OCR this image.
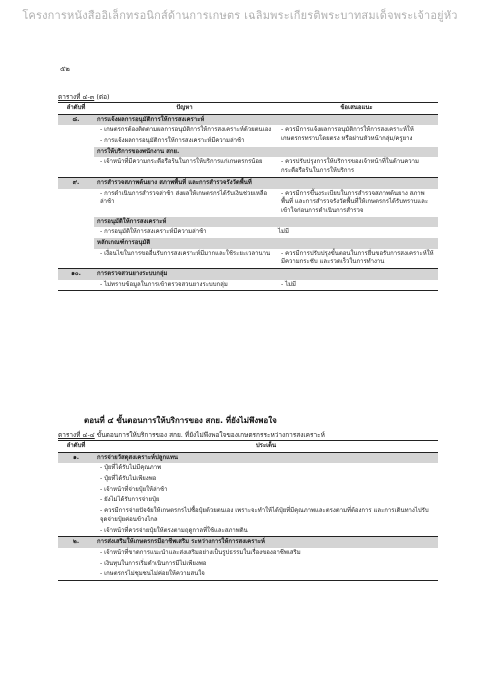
โครงการหนังสืออิเล็กทรอนิกส์ด้านการเกษตร เฉลิมพระเกียรติพระบาทสมเด็จพระเจ้าอยู่หัว
๕๒
ตารางที่ ๔-๓ (ต่อ)
ลำดับที่	ปัญหา	ข้อเสนอแนะ
๘.	การแจ้งผลการอนุมัติการให้การสงเคราะห์	
	- เกษตรกรต้องติดตามผลการอนุมัติการให้การสงเคราะห์ด้วยตนเอง	- ควรมีการแจ้งผลการอนุมัติการให้การสงเคราะห์ให้เกษตรกรทราบโดยตรง หรือผ่านหัวหน้ากลุ่ม/ครูยาง
	- การแจ้งผลการอนุมัติการให้การสงเคราะห์มีความล่าช้า	
	การให้บริการของพนักงาน สกย.	
	- เจ้าหน้าที่มีความกระตือรือร้นในการให้บริการแก่เกษตรกรน้อย	- ควรปรับปรุงการให้บริการของเจ้าหน้าที่ในด้านความกระตือรือร้นในการให้บริการ
๙.	การสำรวจสภาพต้นยาง สภาพพื้นที่ และการสำรวจรังวัดพื้นที่	
	- การดำเนินการสำรวจล่าช้า ส่งผลให้เกษตรกรได้รับเงินช่วยเหลือล่าช้า	- ควรมีการขึ้นงระเบียบในการสำรวจสภาพต้นยาง สภาพพื้นที่ และการสำรวจรังวัดพื้นที่ให้เกษตรกรได้รับทราบและเข้าใจก่อนการดำเนินการสำรวจ
	การอนุมัติให้การสงเคราะห์	
	- การอนุมัติให้การสงเคราะห์มีความล่าช้า	ไม่มี
	หลักเกณฑ์การอนุมัติ	
	- เงื่อนไขในการขออื่นรับการสงเคราะห์มีมากและใช้ระยะเวลานาน	- ควรมีการปรับปรุงขั้นตอนในการยื่นขอรับการสงเคราะห์ให้มีความกระชับ และรวดเร็วในการทำงาน
๑๐.	การตรวจสวนยางระบบกลุ่ม	
	- ไม่ทราบข้อมูลในการเข้าตรวจสวนยางระบบกลุ่ม	- ไม่มี
ตอนที่ ๔ ขั้นตอนการให้บริการของ สกย. ที่ยังไม่พึงพอใจ
ตารางที่ ๔-๔ ขั้นตอนการให้บริการของ สกย. ที่ยังไม่พึงพอใจของเกษตรกรระหว่างการสงเคราะห์
ลำดับที่	ประเด็น
๑.	การจ่ายวัสดุสงเคราะห์ปลูกแทน
	- ปุ๋ยที่ได้รับไม่มีคุณภาพ
	- ปุ๋ยที่ได้รับไม่เพียงพอ
	- เจ้าหน้าที่จ่ายปุ๋ยให้ล่าช้า
	- ยังไม่ได้รับการจ่ายปุ๋ย
	- ควรมีการจ่ายปัจจัยให้เกษตรกรไปซื้อปุ๋ยด้วยตนเอง เพราะจะทำให้ได้ปุ๋ยที่มีคุณภาพและตรงตามที่ต้องการ และการเดินทางไปรับจุดจ่ายปุ๋ยค่อนข้างไกล
	- เจ้าหน้าที่ควรจ่ายปุ๋ยให้ตรงตามฤดูกาลที่ใช้และสภาพดิน
๒.	การส่งเสริมให้เกษตรกรมีอาชีพเสริม ระหว่างการให้การสงเคราะห์
	- เจ้าหน้าที่ขาดการแนะนำและส่งเสริมอย่างเป็นรูปธรรมในเรื่องของอาชีพเสริม
	- เงินทุนในการเริ่มดำเนินการมีไม่เพียงพอ
	- เกษตรกรไม่ชุมชนไม่ค่อยให้ความสนใจ
